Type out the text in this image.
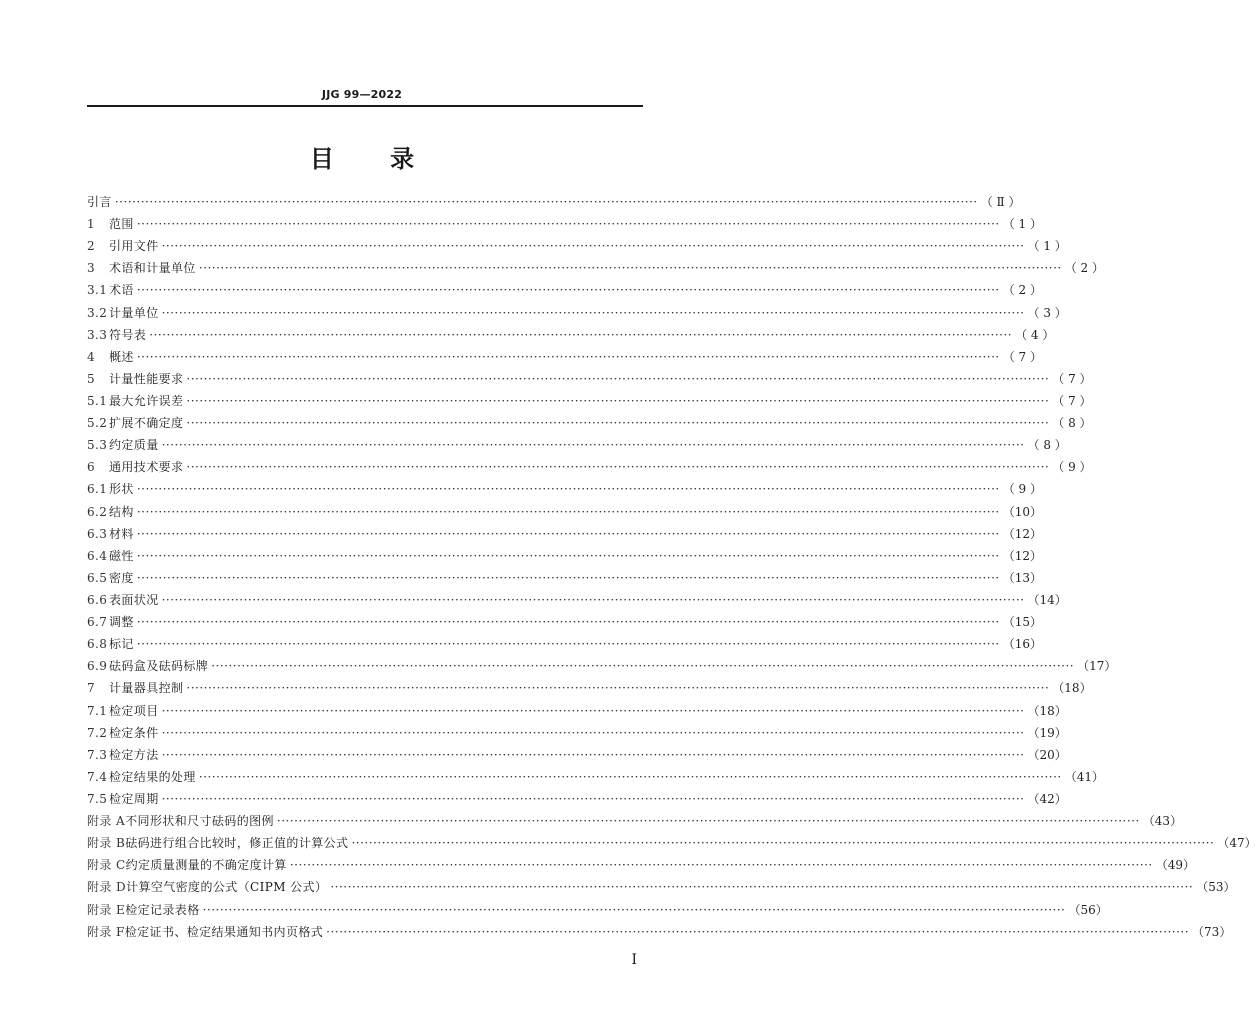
JJG 99—2022
目 录
引言 ········································································································································································································ （ Ⅱ ）
1 范围 ········································································································································································································ （ 1 ）
2 引用文件 ········································································································································································································ （ 1 ）
3 术语和计量单位 ········································································································································································································ （ 2 ）
3.1 术语 ········································································································································································································ （ 2 ）
3.2 计量单位 ········································································································································································································ （ 3 ）
3.3 符号表 ········································································································································································································ （ 4 ）
4 概述 ········································································································································································································ （ 7 ）
5 计量性能要求 ········································································································································································································ （ 7 ）
5.1 最大允许误差 ········································································································································································································ （ 7 ）
5.2 扩展不确定度 ········································································································································································································ （ 8 ）
5.3 约定质量 ········································································································································································································ （ 8 ）
6 通用技术要求 ········································································································································································································ （ 9 ）
6.1 形状 ········································································································································································································ （ 9 ）
6.2 结构 ········································································································································································································ （10）
6.3 材料 ········································································································································································································ （12）
6.4 磁性 ········································································································································································································ （12）
6.5 密度 ········································································································································································································ （13）
6.6 表面状况 ········································································································································································································ （14）
6.7 调整 ········································································································································································································ （15）
6.8 标记 ········································································································································································································ （16）
6.9 砝码盒及砝码标牌 ········································································································································································································ （17）
7 计量器具控制 ········································································································································································································ （18）
7.1 检定项目 ········································································································································································································ （18）
7.2 检定条件 ········································································································································································································ （19）
7.3 检定方法 ········································································································································································································ （20）
7.4 检定结果的处理 ········································································································································································································ （41）
7.5 检定周期 ········································································································································································································ （42）
附录 A不同形状和尺寸砝码的图例 ········································································································································································································ （43）
附录 B砝码进行组合比较时，修正值的计算公式 ········································································································································································································ （47）
附录 C约定质量测量的不确定度计算 ········································································································································································································ （49）
附录 D计算空气密度的公式（CIPM 公式） ········································································································································································································ （53）
附录 E检定记录表格 ········································································································································································································ （56）
附录 F检定证书、检定结果通知书内页格式 ········································································································································································································ （73）
I
